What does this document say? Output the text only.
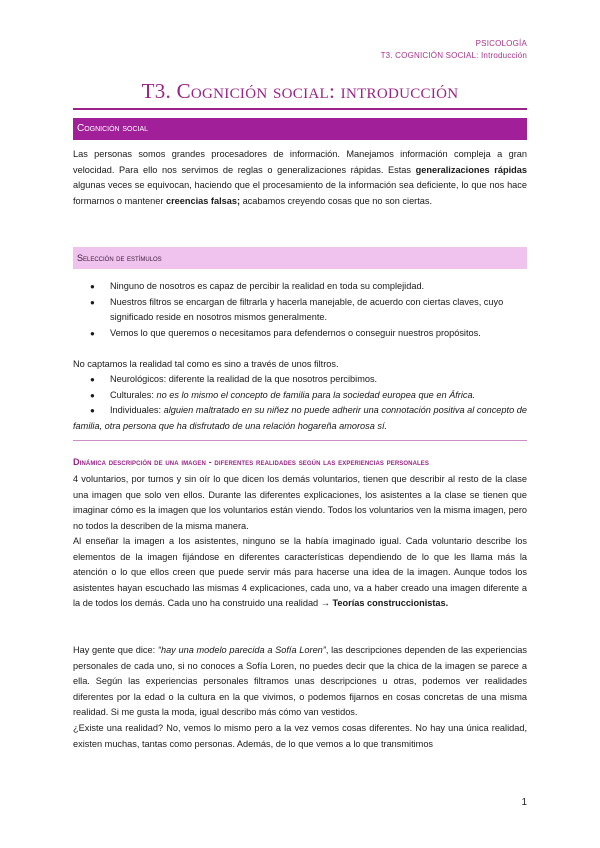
PSICOLOGÍA
T3. COGNICIÓN SOCIAL: Introducción
T3. Cognición social: introducción
Cognición social
Las personas somos grandes procesadores de información. Manejamos información compleja a gran velocidad. Para ello nos servimos de reglas o generalizaciones rápidas. Estas generalizaciones rápidas algunas veces se equivocan, haciendo que el procesamiento de la información sea deficiente, lo que nos hace formarnos o mantener creencias falsas; acabamos creyendo cosas que no son ciertas.
Selección de estímulos
● Ninguno de nosotros es capaz de percibir la realidad en toda su complejidad.
● Nuestros filtros se encargan de filtrarla y hacerla manejable, de acuerdo con ciertas claves, cuyo significado reside en nosotros mismos generalmente.
● Vemos lo que queremos o necesitamos para defendernos o conseguir nuestros propósitos.
No captamos la realidad tal como es sino a través de unos filtros.
● Neurológicos: diferente la realidad de la que nosotros percibimos.
● Culturales: no es lo mismo el concepto de familia para la sociedad europea que en África.
● Individuales: alguien maltratado en su niñez no puede adherir una connotación positiva al concepto de familia, otra persona que ha disfrutado de una relación hogareña amorosa sí.
Dinámica descripción de una imagen - diferentes realidades según las experiencias personales
4 voluntarios, por turnos y sin oír lo que dicen los demás voluntarios, tienen que describir al resto de la clase una imagen que solo ven ellos. Durante las diferentes explicaciones, los asistentes a la clase se tienen que imaginar cómo es la imagen que los voluntarios están viendo. Todos los voluntarios ven la misma imagen, pero no todos la describen de la misma manera.
Al enseñar la imagen a los asistentes, ninguno se la había imaginado igual. Cada voluntario describe los elementos de la imagen fijándose en diferentes características dependiendo de lo que les llama más la atención o lo que ellos creen que puede servir más para hacerse una idea de la imagen. Aunque todos los asistentes hayan escuchado las mismas 4 explicaciones, cada uno, va a haber creado una imagen diferente a la de todos los demás. Cada uno ha construido una realidad → Teorías construccionistas.
Hay gente que dice: “hay una modelo parecida a Sofía Loren”, las descripciones dependen de las experiencias personales de cada uno, si no conoces a Sofía Loren, no puedes decir que la chica de la imagen se parece a ella. Según las experiencias personales filtramos unas descripciones u otras, podemos ver realidades diferentes por la edad o la cultura en la que vivimos, o podemos fijarnos en cosas concretas de una misma realidad. Si me gusta la moda, igual describo más cómo van vestidos.
¿Existe una realidad? No, vemos lo mismo pero a la vez vemos cosas diferentes. No hay una única realidad, existen muchas, tantas como personas. Además, de lo que vemos a lo que transmitimos
1
